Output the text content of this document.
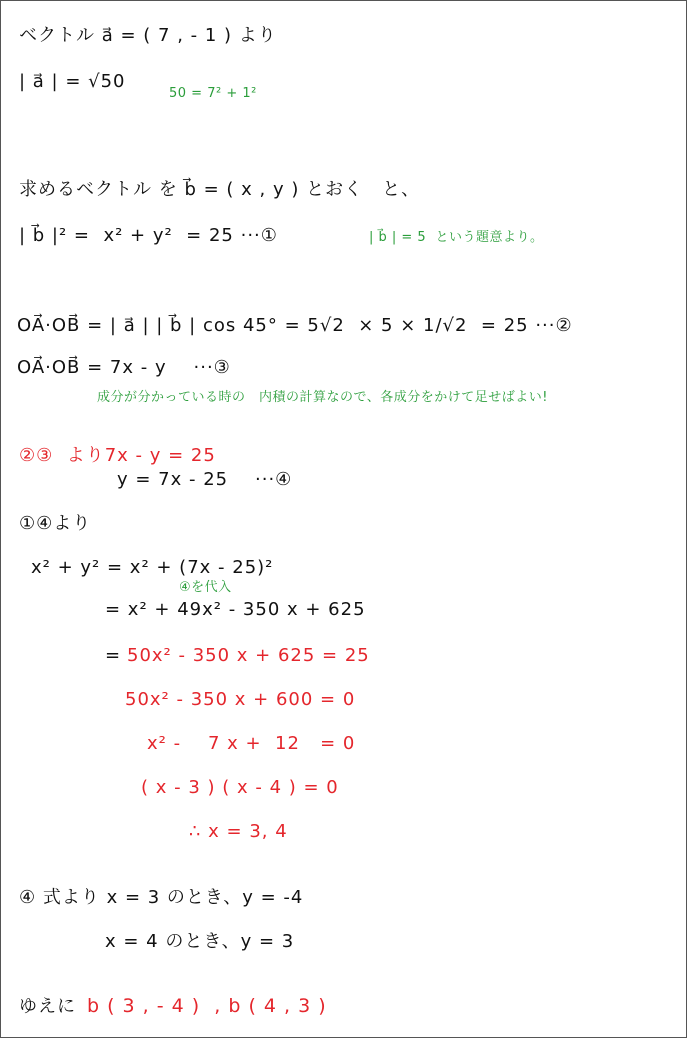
ベクトル a⃗ = ( 7 , - 1 ) より
| a⃗ | = √50
50 = 7² + 1²
求めるベクトル を b⃗ = ( x , y ) とおく　と、
| b⃗ |² =  x² + y²  = 25 ···①	| b⃗ | = 5  という題意より。
OA⃗·OB⃗ = | a⃗ | | b⃗ | cos 45° = 5√2  × 5 × 1/√2  = 25 ···②
OA⃗·OB⃗ = 7x - y    ···③
成分が分かっている時の　内積の計算なので、各成分をかけて足せばよい!
②③  より7x - y = 25
y = 7x - 25    ···④
①④より
x² + y² = x² + (7x - 25)²
④を代入
= x² + 49x² - 350 x + 625
= 50x² - 350 x + 625 = 25
50x² - 350 x + 600 = 0
x² -    7 x +  12   = 0
( x - 3 ) ( x - 4 ) = 0
∴ x = 3, 4
④ 式より x = 3 のとき、y = -4
x = 4 のとき、y = 3
ゆえに b ( 3 , - 4 )  , b ( 4 , 3 )
